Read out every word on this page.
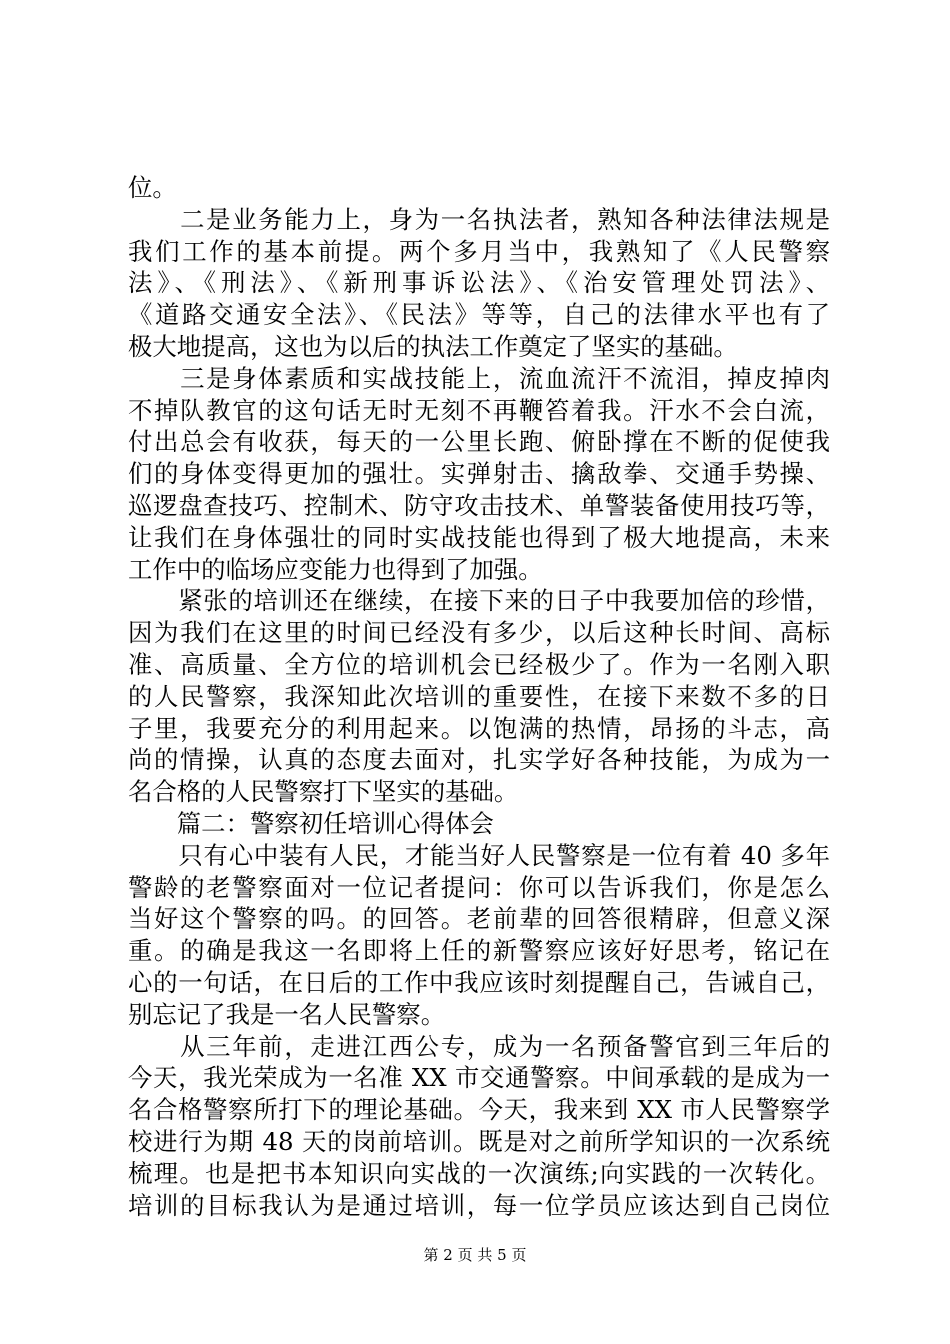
位。
　　二是业务能力上，身为一名执法者，熟知各种法律法规是
我们工作的基本前提。两个多月当中，我熟知了《人民警察
法》、《刑法》、《新刑事诉讼法》、《治安管理处罚法》、
《道路交通安全法》、《民法》等等，自己的法律水平也有了
极大地提高，这也为以后的执法工作奠定了坚实的基础。
　　三是身体素质和实战技能上，流血流汗不流泪，掉皮掉肉
不掉队教官的这句话无时无刻不再鞭笞着我。汗水不会白流，
付出总会有收获，每天的一公里长跑、俯卧撑在不断的促使我
们的身体变得更加的强壮。实弹射击、擒敌拳、交通手势操、
巡逻盘查技巧、控制术、防守攻击技术、单警装备使用技巧等，
让我们在身体强壮的同时实战技能也得到了极大地提高，未来
工作中的临场应变能力也得到了加强。
　　紧张的培训还在继续，在接下来的日子中我要加倍的珍惜，
因为我们在这里的时间已经没有多少，以后这种长时间、高标
准、高质量、全方位的培训机会已经极少了。作为一名刚入职
的人民警察，我深知此次培训的重要性，在接下来数不多的日
子里，我要充分的利用起来。以饱满的热情，昂扬的斗志，高
尚的情操，认真的态度去面对，扎实学好各种技能，为成为一
名合格的人民警察打下坚实的基础。
　　篇二：警察初任培训心得体会
　　只有心中装有人民，才能当好人民警察是一位有着 40 多年
警龄的老警察面对一位记者提问：你可以告诉我们，你是怎么
当好这个警察的吗。的回答。老前辈的回答很精辟，但意义深
重。的确是我这一名即将上任的新警察应该好好思考，铭记在
心的一句话，在日后的工作中我应该时刻提醒自己，告诫自己，
别忘记了我是一名人民警察。
　　从三年前，走进江西公专，成为一名预备警官到三年后的
今天，我光荣成为一名准 XX 市交通警察。中间承载的是成为一
名合格警察所打下的理论基础。今天，我来到 XX 市人民警察学
校进行为期 48 天的岗前培训。既是对之前所学知识的一次系统
梳理。也是把书本知识向实战的一次演练;向实践的一次转化。
培训的目标我认为是通过培训，每一位学员应该达到自己岗位
第 2 页 共 5 页
